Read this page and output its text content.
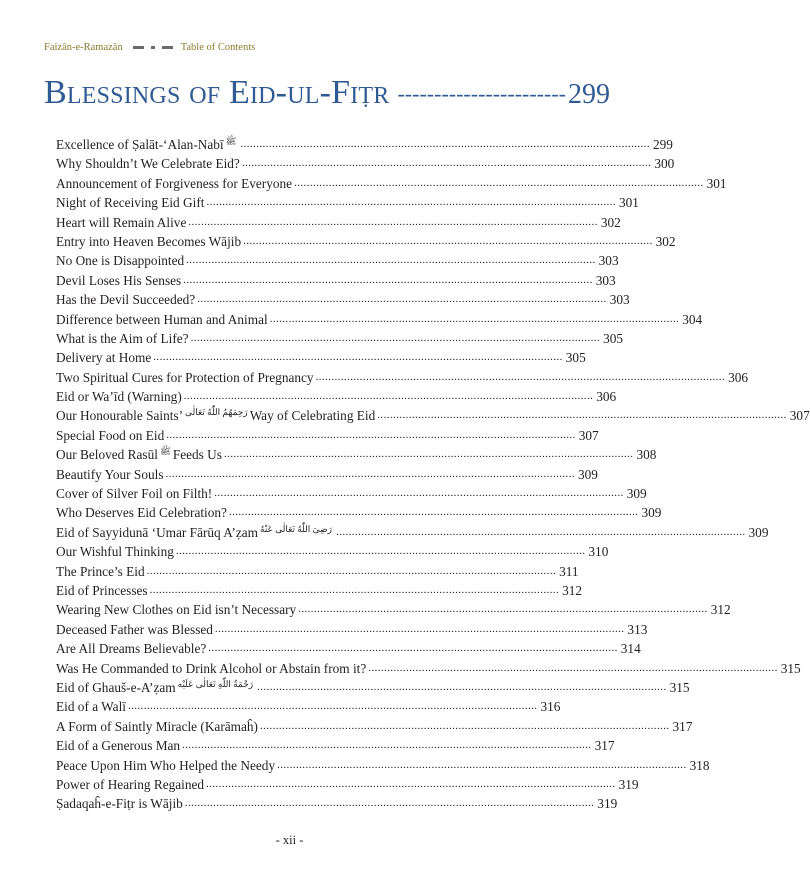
Faizān-e-Ramazān	Table of Contents
Blessings of Eid-ul-Fiṭr ----------------------- 299
Excellence of Ṣalāt-‘Alan-Nabī ﷺ .................................................................................................................................. 299
Why Shouldn’t We Celebrate Eid? .................................................................................................................................. 300
Announcement of Forgiveness for Everyone .................................................................................................................................. 301
Night of Receiving Eid Gift .................................................................................................................................. 301
Heart will Remain Alive .................................................................................................................................. 302
Entry into Heaven Becomes Wājib .................................................................................................................................. 302
No One is Disappointed .................................................................................................................................. 303
Devil Loses His Senses .................................................................................................................................. 303
Has the Devil Succeeded? .................................................................................................................................. 303
Difference between Human and Animal .................................................................................................................................. 304
What is the Aim of Life? .................................................................................................................................. 305
Delivery at Home .................................................................................................................................. 305
Two Spiritual Cures for Protection of Pregnancy .................................................................................................................................. 306
Eid or Wa’īd (Warning) .................................................................................................................................. 306
Our Honourable Saints’ رَحِمَهُمُ اللّٰهُ تَعَالٰی Way of Celebrating Eid .................................................................................................................................. 307
Special Food on Eid .................................................................................................................................. 307
Our Beloved Rasūl ﷺ Feeds Us .................................................................................................................................. 308
Beautify Your Souls .................................................................................................................................. 309
Cover of Silver Foil on Filth! .................................................................................................................................. 309
Who Deserves Eid Celebration? .................................................................................................................................. 309
Eid of Sayyidunā ‘Umar Fārūq A’ẓam رَضِیَ اللّٰهُ تَعَالٰی عَنْهُ .................................................................................................................................. 309
Our Wishful Thinking .................................................................................................................................. 310
The Prince’s Eid .................................................................................................................................. 311
Eid of Princesses .................................................................................................................................. 312
Wearing New Clothes on Eid isn’t Necessary .................................................................................................................................. 312
Deceased Father was Blessed .................................................................................................................................. 313
Are All Dreams Believable? .................................................................................................................................. 314
Was He Commanded to Drink Alcohol or Abstain from it? .................................................................................................................................. 315
Eid of Ghauš-e-A’ẓam رَحْمَةُ اللّٰهِ تَعَالٰی عَلَيْه .................................................................................................................................. 315
Eid of a Walī .................................................................................................................................. 316
A Form of Saintly Miracle (Karāmaĥ) .................................................................................................................................. 317
Eid of a Generous Man .................................................................................................................................. 317
Peace Upon Him Who Helped the Needy .................................................................................................................................. 318
Power of Hearing Regained .................................................................................................................................. 319
Ṣadaqaĥ-e-Fiṭr is Wājib .................................................................................................................................. 319
- xii -
